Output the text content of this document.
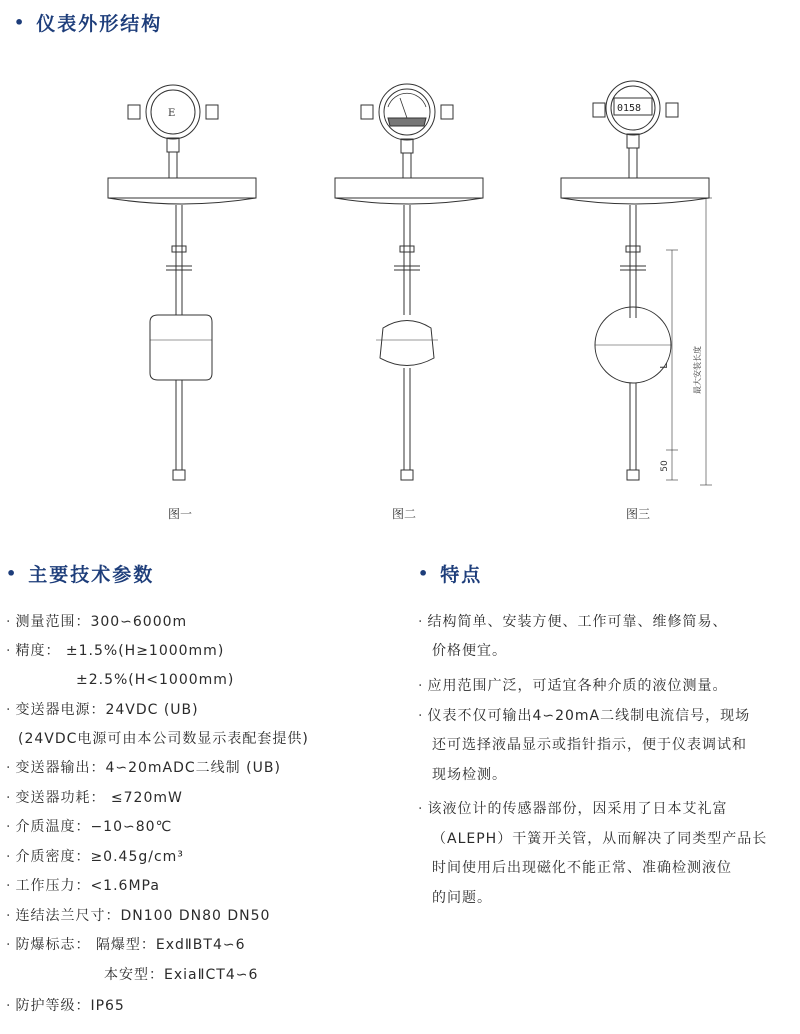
• 仪表外形结构
E	0158
最大安装长度
L
50
图一	图二	图三
• 主要技术参数	• 特点
· 测量范围：300∽6000m
· 精度： ±1.5%(H≥1000mm)
±2.5%(H<1000mm)
· 变送器电源：24VDC (UB)
(24VDC电源可由本公司数显示表配套提供)
· 变送器输出：4∽20mADC二线制 (UB)
· 变送器功耗： ≤720mW
· 介质温度：−10∽80℃
· 介质密度：≥0.45g/cm³
· 工作压力：<1.6MPa
· 连结法兰尺寸：DN100 DN80 DN50
· 防爆标志： 隔爆型：ExdⅡBT4∽6
本安型：ExiaⅡCT4∽6
· 防护等级：IP65
· 结构简单、安装方便、工作可靠、维修简易、
价格便宜。
· 应用范围广泛，可适宜各种介质的液位测量。
· 仪表不仅可输出4∽20mA二线制电流信号，现场
还可选择液晶显示或指针指示，便于仪表调试和
现场检测。
· 该液位计的传感器部份，因采用了日本艾礼富
（ALEPH）干簧开关管，从而解决了同类型产品长
时间使用后出现磁化不能正常、准确检测液位
的问题。
